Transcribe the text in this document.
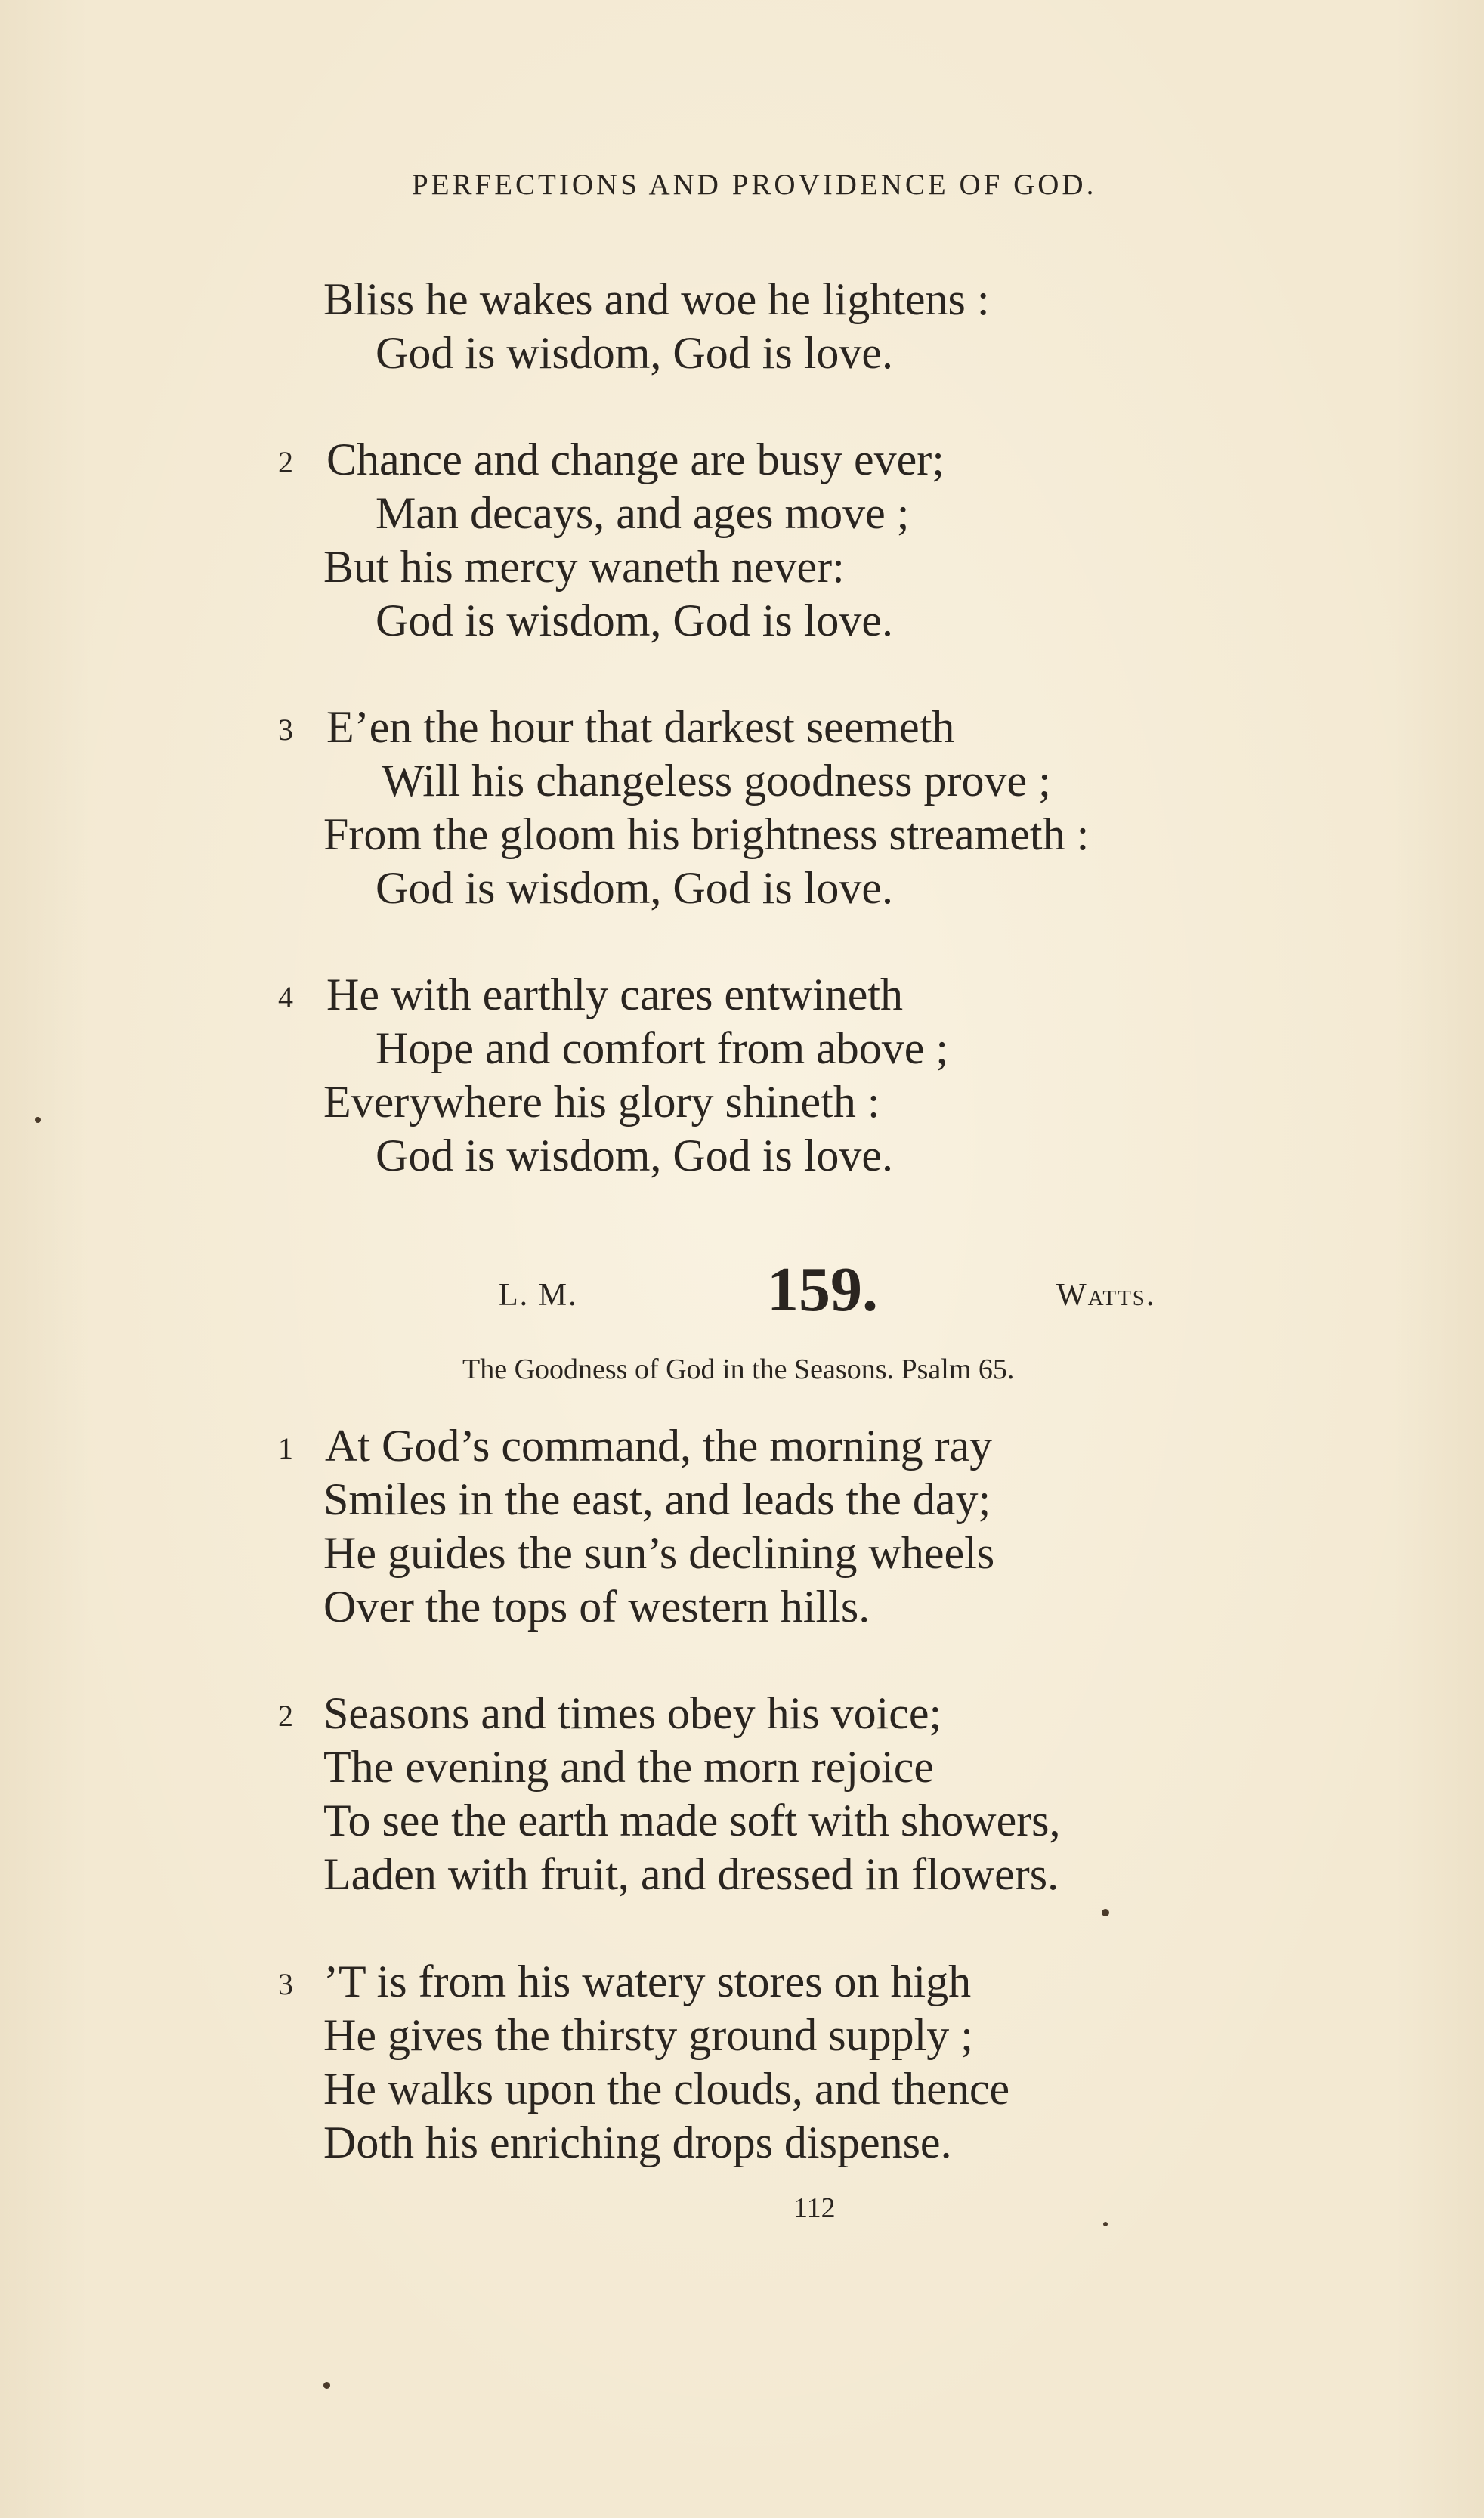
PERFECTIONS AND PROVIDENCE OF GOD.
Bliss he wakes and woe he lightens :
God is wisdom, God is love.
2 Chance and change are busy ever;
Man decays, and ages move ;
But his mercy waneth never:
God is wisdom, God is love.
3 E’en the hour that darkest seemeth
Will his changeless goodness prove ;
From the gloom his brightness streameth :
God is wisdom, God is love.
4 He with earthly cares entwineth
Hope and comfort from above ;
Everywhere his glory shineth :
God is wisdom, God is love.
L. M.	159.	Watts.
The Goodness of God in the Seasons. Psalm 65.
1 At God’s command, the morning ray
Smiles in the east, and leads the day;
He guides the sun’s declining wheels
Over the tops of western hills.
2 Seasons and times obey his voice;
The evening and the morn rejoice
To see the earth made soft with showers,
Laden with fruit, and dressed in flowers.
3 ’T is from his watery stores on high
He gives the thirsty ground supply ;
He walks upon the clouds, and thence
Doth his enriching drops dispense.
112
